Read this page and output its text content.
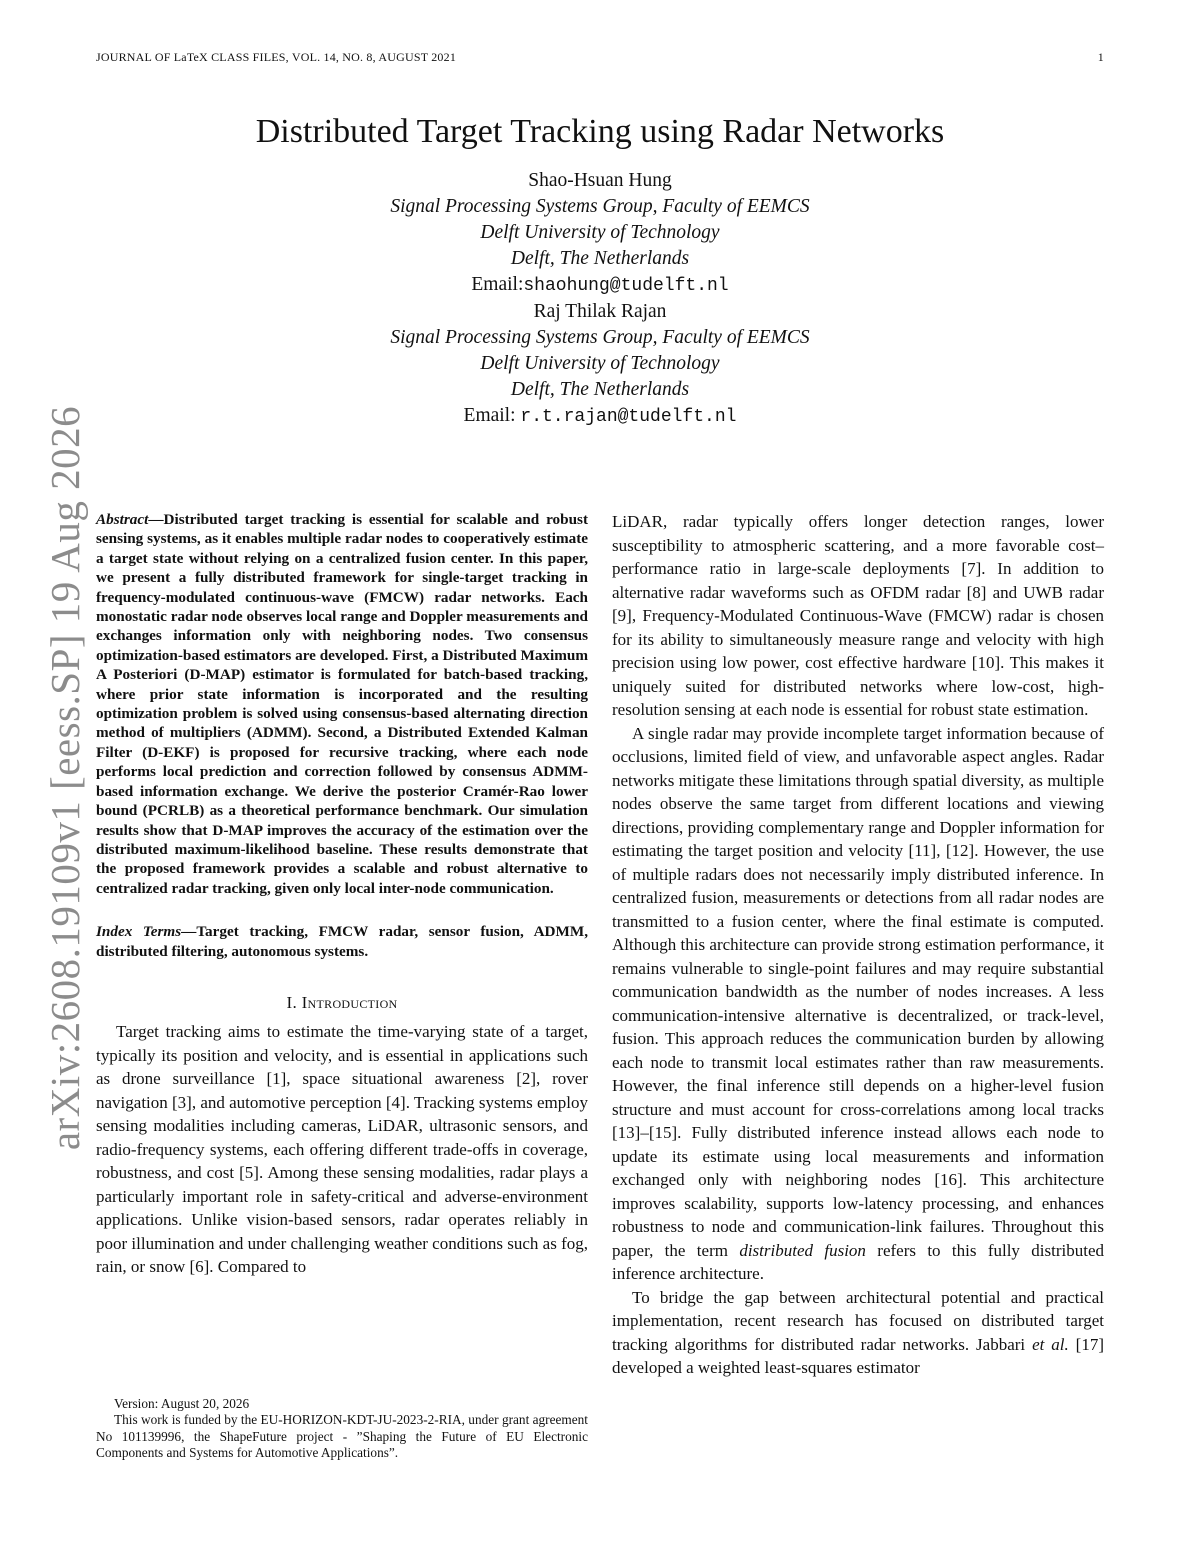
JOURNAL OF LaTeX CLASS FILES, VOL. 14, NO. 8, AUGUST 2021	1
arXiv:2608.19109v1 [eess.SP] 19 Aug 2026
Distributed Target Tracking using Radar Networks
Shao-Hsuan Hung
Signal Processing Systems Group, Faculty of EEMCS
Delft University of Technology
Delft, The Netherlands
Email:shaohung@tudelft.nl
Raj Thilak Rajan
Signal Processing Systems Group, Faculty of EEMCS
Delft University of Technology
Delft, The Netherlands
Email: r.t.rajan@tudelft.nl

Abstract—Distributed target tracking is essential for scalable and robust sensing systems, as it enables multiple radar nodes to cooperatively estimate a target state without relying on a centralized fusion center. In this paper, we present a fully distributed framework for single-target tracking in frequency-modulated continuous-wave (FMCW) radar networks. Each monostatic radar node observes local range and Doppler measurements and exchanges information only with neighboring nodes. Two consensus optimization-based estimators are developed. First, a Distributed Maximum A Posteriori (D-MAP) estimator is formulated for batch-based tracking, where prior state information is incorporated and the resulting optimization problem is solved using consensus-based alternating direction method of multipliers (ADMM). Second, a Distributed Extended Kalman Filter (D-EKF) is proposed for recursive tracking, where each node performs local prediction and correction followed by consensus ADMM-based information exchange. We derive the posterior Cramér-Rao lower bound (PCRLB) as a theoretical performance benchmark. Our simulation results show that D-MAP improves the accuracy of the estimation over the distributed maximum-likelihood baseline. These results demonstrate that the proposed framework provides a scalable and robust alternative to centralized radar tracking, given only local inter-node communication.

Index Terms—Target tracking, FMCW radar, sensor fusion, ADMM, distributed filtering, autonomous systems.

I. Introduction

Target tracking aims to estimate the time-varying state of a target, typically its position and velocity, and is essential in applications such as drone surveillance [1], space situational awareness [2], rover navigation [3], and automotive perception [4]. Tracking systems employ sensing modalities including cameras, LiDAR, ultrasonic sensors, and radio-frequency systems, each offering different trade-offs in coverage, robustness, and cost [5]. Among these sensing modalities, radar plays a particularly important role in safety-critical and adverse-environment applications. Unlike vision-based sensors, radar operates reliably in poor illumination and under challenging weather conditions such as fog, rain, or snow [6]. Compared to

LiDAR, radar typically offers longer detection ranges, lower susceptibility to atmospheric scattering, and a more favorable cost–performance ratio in large-scale deployments [7]. In addition to alternative radar waveforms such as OFDM radar [8] and UWB radar [9], Frequency-Modulated Continuous-Wave (FMCW) radar is chosen for its ability to simultaneously measure range and velocity with high precision using low power, cost effective hardware [10]. This makes it uniquely suited for distributed networks where low-cost, high-resolution sensing at each node is essential for robust state estimation.

A single radar may provide incomplete target information because of occlusions, limited field of view, and unfavorable aspect angles. Radar networks mitigate these limitations through spatial diversity, as multiple nodes observe the same target from different locations and viewing directions, providing complementary range and Doppler information for estimating the target position and velocity [11], [12]. However, the use of multiple radars does not necessarily imply distributed inference. In centralized fusion, measurements or detections from all radar nodes are transmitted to a fusion center, where the final estimate is computed. Although this architecture can provide strong estimation performance, it remains vulnerable to single-point failures and may require substantial communication bandwidth as the number of nodes increases. A less communication-intensive alternative is decentralized, or track-level, fusion. This approach reduces the communication burden by allowing each node to transmit local estimates rather than raw measurements. However, the final inference still depends on a higher-level fusion structure and must account for cross-correlations among local tracks [13]–[15]. Fully distributed inference instead allows each node to update its estimate using local measurements and information exchanged only with neighboring nodes [16]. This architecture improves scalability, supports low-latency processing, and enhances robustness to node and communication-link failures. Throughout this paper, the term distributed fusion refers to this fully distributed inference architecture.

To bridge the gap between architectural potential and practical implementation, recent research has focused on distributed target tracking algorithms for distributed radar networks. Jabbari et al. [17] developed a weighted least-squares estimator

Version: August 20, 2026

This work is funded by the EU-HORIZON-KDT-JU-2023-2-RIA, under grant agreement No 101139996, the ShapeFuture project - ”Shaping the Future of EU Electronic Components and Systems for Automotive Applications”.
